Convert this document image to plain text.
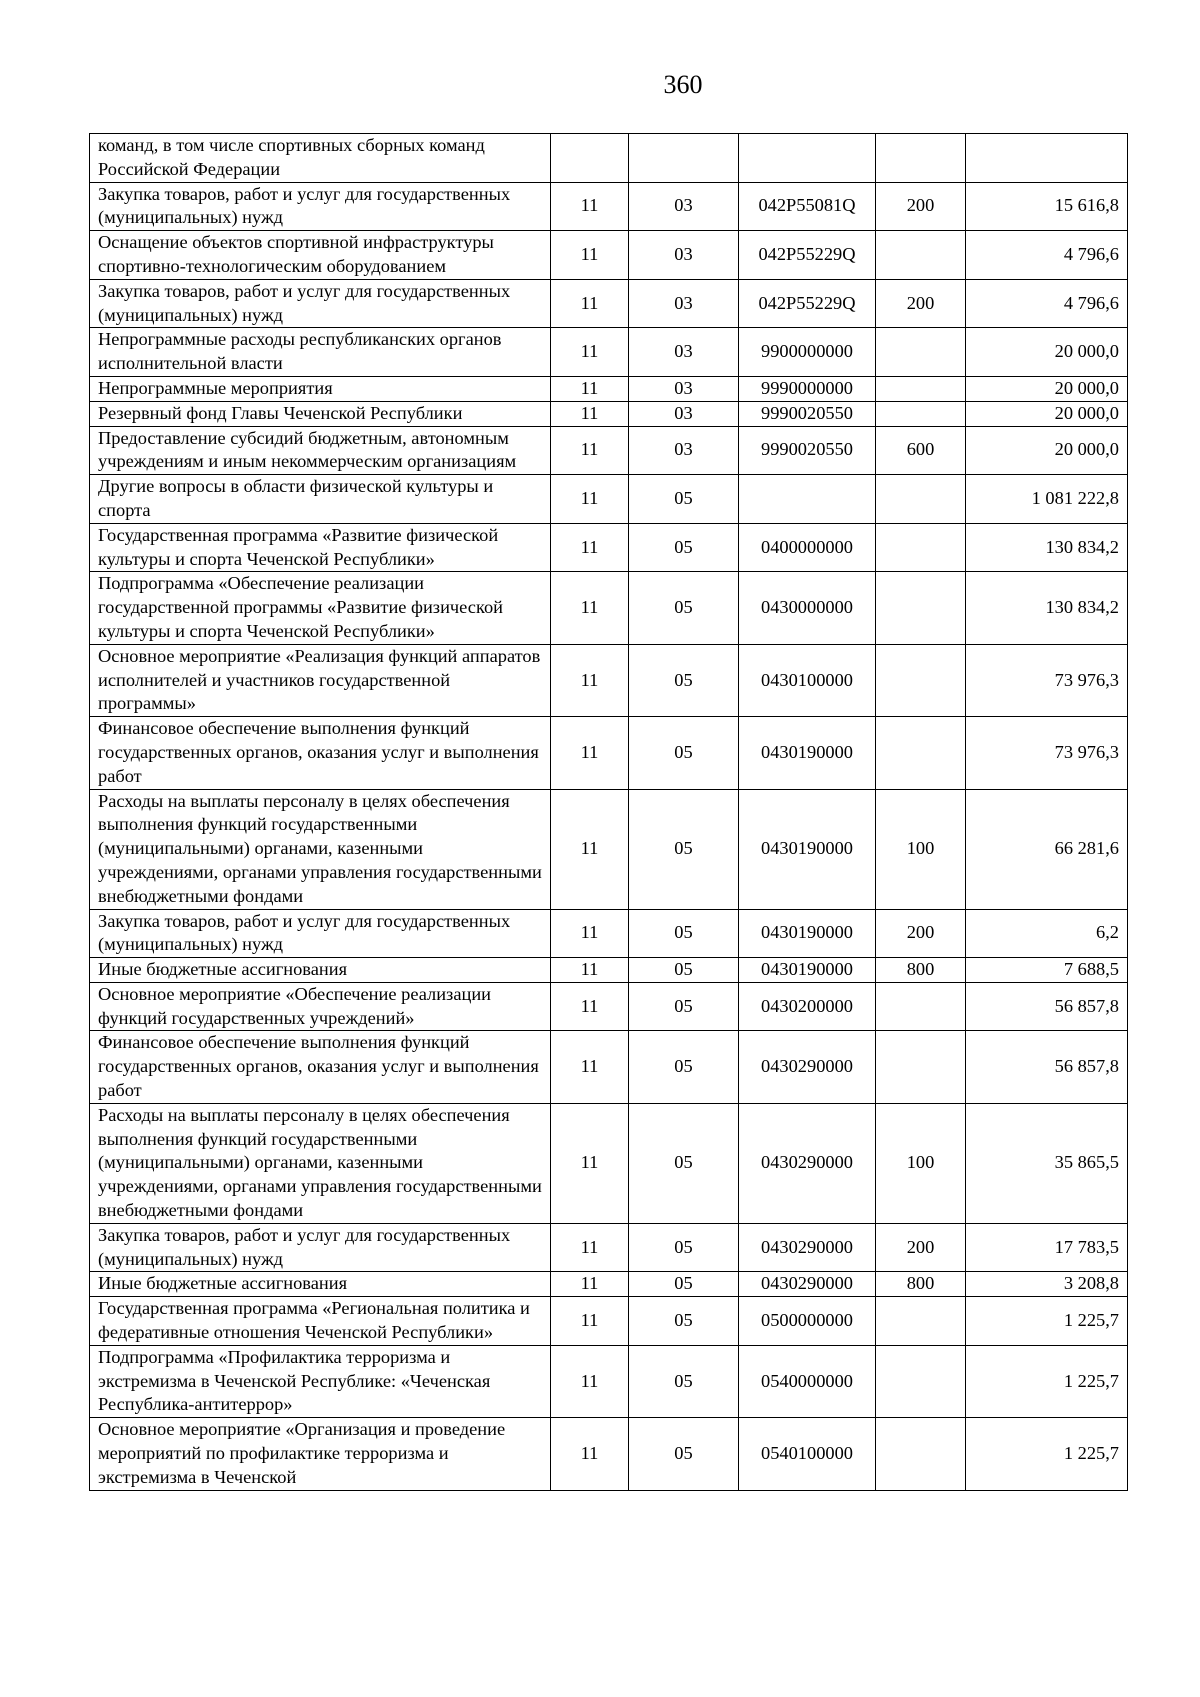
360
команд, в том числе спортивных сборных команд Российской Федерации					
Закупка товаров, работ и услуг для государственных (муниципальных) нужд	11	03	042P55081Q	200	15 616,8
Оснащение объектов спортивной инфраструктуры спортивно-технологическим оборудованием	11	03	042P55229Q		4 796,6
Закупка товаров, работ и услуг для государственных (муниципальных) нужд	11	03	042P55229Q	200	4 796,6
Непрограммные расходы республиканских органов исполнительной власти	11	03	9900000000		20 000,0
Непрограммные мероприятия	11	03	9990000000		20 000,0
Резервный фонд Главы Чеченской Республики	11	03	9990020550		20 000,0
Предоставление субсидий бюджетным, автономным учреждениям и иным некоммерческим организациям	11	03	9990020550	600	20 000,0
Другие вопросы в области физической культуры и спорта	11	05			1 081 222,8
Государственная программа «Развитие физической культуры и спорта Чеченской Республики»	11	05	0400000000		130 834,2
Подпрограмма «Обеспечение реализации государственной программы «Развитие физической культуры и спорта Чеченской Республики»	11	05	0430000000		130 834,2
Основное мероприятие «Реализация функций аппаратов исполнителей и участников государственной программы»	11	05	0430100000		73 976,3
Финансовое обеспечение выполнения функций государственных органов, оказания услуг и выполнения работ	11	05	0430190000		73 976,3
Расходы на выплаты персоналу в целях обеспечения выполнения функций государственными (муниципальными) органами, казенными учреждениями, органами управления государственными внебюджетными фондами	11	05	0430190000	100	66 281,6
Закупка товаров, работ и услуг для государственных (муниципальных) нужд	11	05	0430190000	200	6,2
Иные бюджетные ассигнования	11	05	0430190000	800	7 688,5
Основное мероприятие «Обеспечение реализации функций государственных учреждений»	11	05	0430200000		56 857,8
Финансовое обеспечение выполнения функций государственных органов, оказания услуг и выполнения работ	11	05	0430290000		56 857,8
Расходы на выплаты персоналу в целях обеспечения выполнения функций государственными (муниципальными) органами, казенными учреждениями, органами управления государственными внебюджетными фондами	11	05	0430290000	100	35 865,5
Закупка товаров, работ и услуг для государственных (муниципальных) нужд	11	05	0430290000	200	17 783,5
Иные бюджетные ассигнования	11	05	0430290000	800	3 208,8
Государственная программа «Региональная политика и федеративные отношения Чеченской Республики»	11	05	0500000000		1 225,7
Подпрограмма «Профилактика терроризма и экстремизма в Чеченской Республике: «Чеченская Республика-антитеррор»	11	05	0540000000		1 225,7
Основное мероприятие «Организация и проведение мероприятий по профилактике терроризма и экстремизма в Чеченской	11	05	0540100000		1 225,7
